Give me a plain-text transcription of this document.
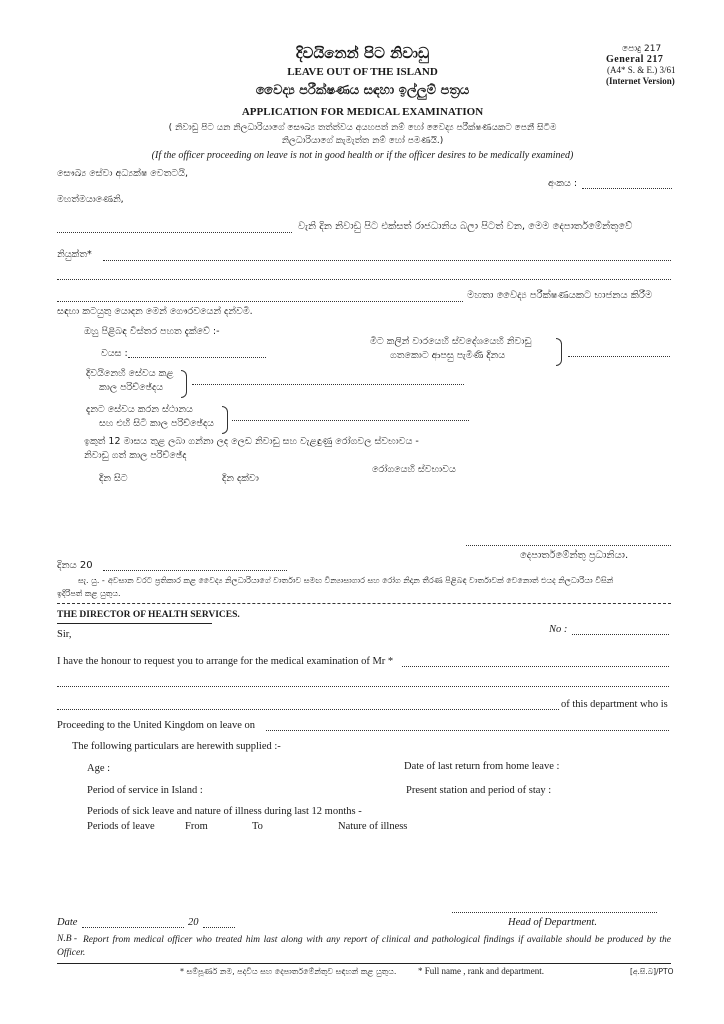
පොදු 217
General 217
(A4* S. & E.) 3/61
(Internet Version)
දිවයිනෙන් පිට නිවාඩු
LEAVE OUT OF THE ISLAND
වෛද්‍ය පරීක්ෂණය සඳහා ඉල්ලුම් පත්‍රය
APPLICATION FOR MEDICAL EXAMINATION
( නිවාඩු පිට යන නිලධාරියාගේ සෞඛ්‍ය තත්ත්වය අයහපත් නම් හෝ වෛද්‍ය පරීක්ෂණයකට පෙනී සිටීම
නිලධාරියාගේ කැමැත්ත නම් හෝ පමණයි.)
(If the officer proceeding on leave is not in good health or if the officer desires to be medically examined)
සෞඛ්‍ය සේවා අධ්‍යක්ෂ වෙතටයි,
අංකය :
මහත්මයාණෙනි,
වැනි දින නිවාඩු පිට එක්සත් රාජධානිය බලා පිටත් වන, මෙම දෙපාර්තමේන්තුවේ
නියුක්ත*
මහතා වෛද්‍ය පරීක්ෂණයකට භාජනය කිරීම
සඳහා කටයුතු යොදන මෙන් ගෞරවයෙන් දන්වමි.
ඔහු පිළිබඳ විස්තර පහත දැක්වේ :-
වයස :
මීට කලින් වාරයෙහි ස්වදේශයෙහි නිවාඩු
ගතකොට ආපසු පැමිණි දිනය
දිවයිනෙහි සේවය කළ
කාල පරිච්ඡේදය
දැනට සේවය කරන ස්ථානය
සහ එහි සිටි කාල පරිච්ඡේදය
ඉකුත් 12 මාසය තුළ ලබා ගන්නා ලද ලෙඩ නිවාඩු සහ වැළඳුණු රෝගවල ස්වභාවය -
නිවාඩු ගත් කාල පරිච්ඡේද
දින සිට	දින දක්වා
රෝගයෙහි ස්වභාවය
දෙපාර්තමේන්තු ප්‍රධානියා.
දිනය 20
සැ. යු. - අවසාන වරට ප්‍රතිකාර කළ වෛද්‍ය නිලධාරියාගේ වාර්තාව සමඟ වින්‍යාසාගාර සහ රෝග නිදාන තීරණ පිළිබඳ වාර්තාවක් වෙනොත් එයද නිලධාරියා විසින්
ඉදිරිපත් කළ යුතුය.
THE DIRECTOR OF HEALTH SERVICES.
Sir,	No :
I have the honour to request you to arrange for the medical examination of Mr *
of this department who is
Proceeding to the United Kingdom on leave on
The following particulars are herewith supplied :-
Age :	Date of last return from home leave :
Period of service in Island :	Present station and period of stay :
Periods of sick leave and nature of illness during last 12 months -
Periods of leave	From	To	Nature of illness
Date	20	Head of Department.
N.B - Report from medical officer who treated him last along with any report of clinical and pathological findings if available should be produced by the Officer.
* සම්පූර්ණ නම, පදවිය සහ දෙපාර්තමේන්තුව සඳහන් කළ යුතුය. * Full name , rank and department.	[අ.සි.බ]/PTO
